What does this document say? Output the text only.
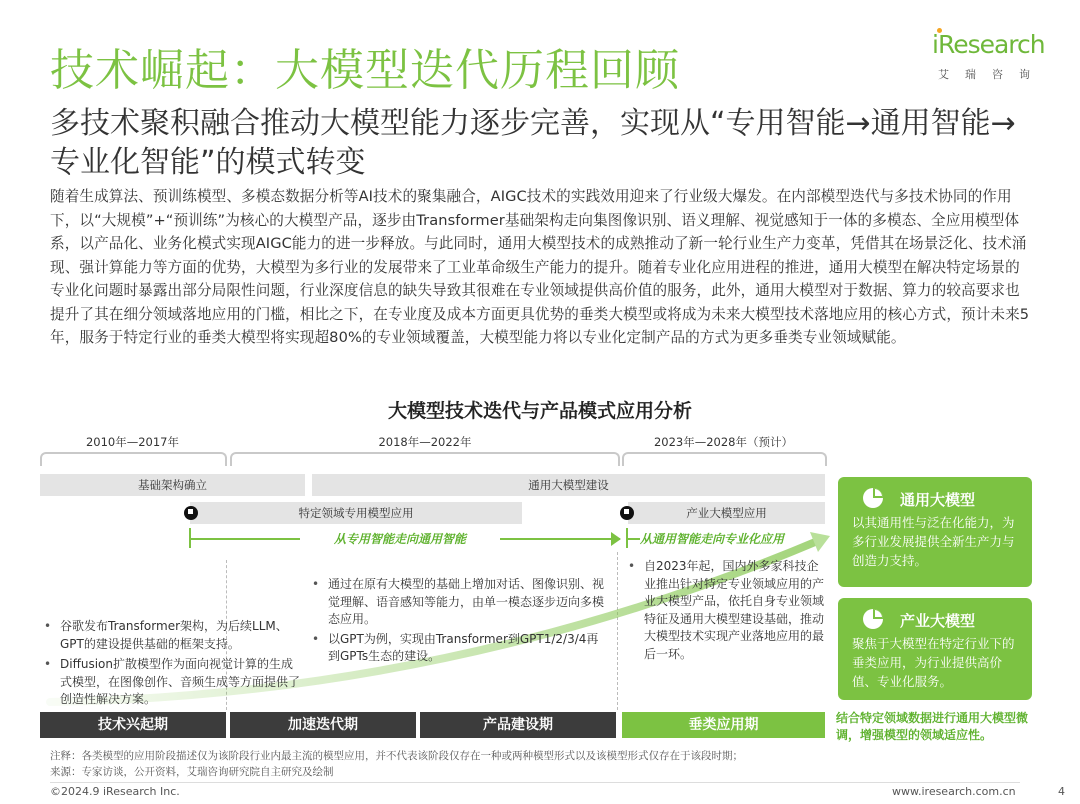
技术崛起：大模型迭代历程回顾
iResearch
艾瑞咨询
多技术聚积融合推动大模型能力逐步完善，实现从“专用智能→通用智能→专业化智能”的模式转变
随着生成算法、预训练模型、多模态数据分析等AI技术的聚集融合，AIGC技术的实践效用迎来了行业级大爆发。在内部模型迭代与多技术协同的作用下，以“大规模”+“预训练”为核心的大模型产品，逐步由Transformer基础架构走向集图像识别、语义理解、视觉感知于一体的多模态、全应用模型体系，以产品化、业务化模式实现AIGC能力的进一步释放。与此同时，通用大模型技术的成熟推动了新一轮行业生产力变革，凭借其在场景泛化、技术涌现、强计算能力等方面的优势，大模型为多行业的发展带来了工业革命级生产能力的提升。随着专业化应用进程的推进，通用大模型在解决特定场景的专业化问题时暴露出部分局限性问题，行业深度信息的缺失导致其很难在专业领域提供高价值的服务，此外，通用大模型对于数据、算力的较高要求也提升了其在细分领域落地应用的门槛，相比之下，在专业度及成本方面更具优势的垂类大模型或将成为未来大模型技术落地应用的核心方式，预计未来5年，服务于特定行业的垂类大模型将实现超80%的专业领域覆盖，大模型能力将以专业化定制产品的方式为更多垂类专业领域赋能。
大模型技术迭代与产品模式应用分析
2010年—2017年	2018年—2022年	2023年—2028年（预计）
基础架构确立	通用大模型建设
特定领域专用模型应用	产业大模型应用
从专用智能走向通用智能	从通用智能走向专业化应用
• 谷歌发布Transformer架构，为后续LLM、GPT的建设提供基础的框架支持。
• Diffusion扩散模型作为面向视觉计算的生成式模型，在图像创作、音频生成等方面提供了创造性解决方案。
• 通过在原有大模型的基础上增加对话、图像识别、视觉理解、语音感知等能力，由单一模态逐步迈向多模态应用。
• 以GPT为例，实现由Transformer到GPT1/2/3/4再到GPTs生态的建设。
• 自2023年起，国内外多家科技企业推出针对特定专业领域应用的产业大模型产品，依托自身专业领域特征及通用大模型建设基础，推动大模型技术实现产业落地应用的最后一环。
技术兴起期	加速迭代期	产品建设期	垂类应用期
通用大模型
以其通用性与泛在化能力，为多行业发展提供全新生产力与创造力支持。
产业大模型
聚焦于大模型在特定行业下的垂类应用，为行业提供高价值、专业化服务。
结合特定领域数据进行通用大模型微调，增强模型的领域适应性。
注释：各类模型的应用阶段描述仅为该阶段行业内最主流的模型应用，并不代表该阶段仅存在一种或两种模型形式以及该模型形式仅存在于该段时期；
来源：专家访谈，公开资料，艾瑞咨询研究院自主研究及绘制
©2024.9 iResearch Inc.	www.iresearch.com.cn	4
